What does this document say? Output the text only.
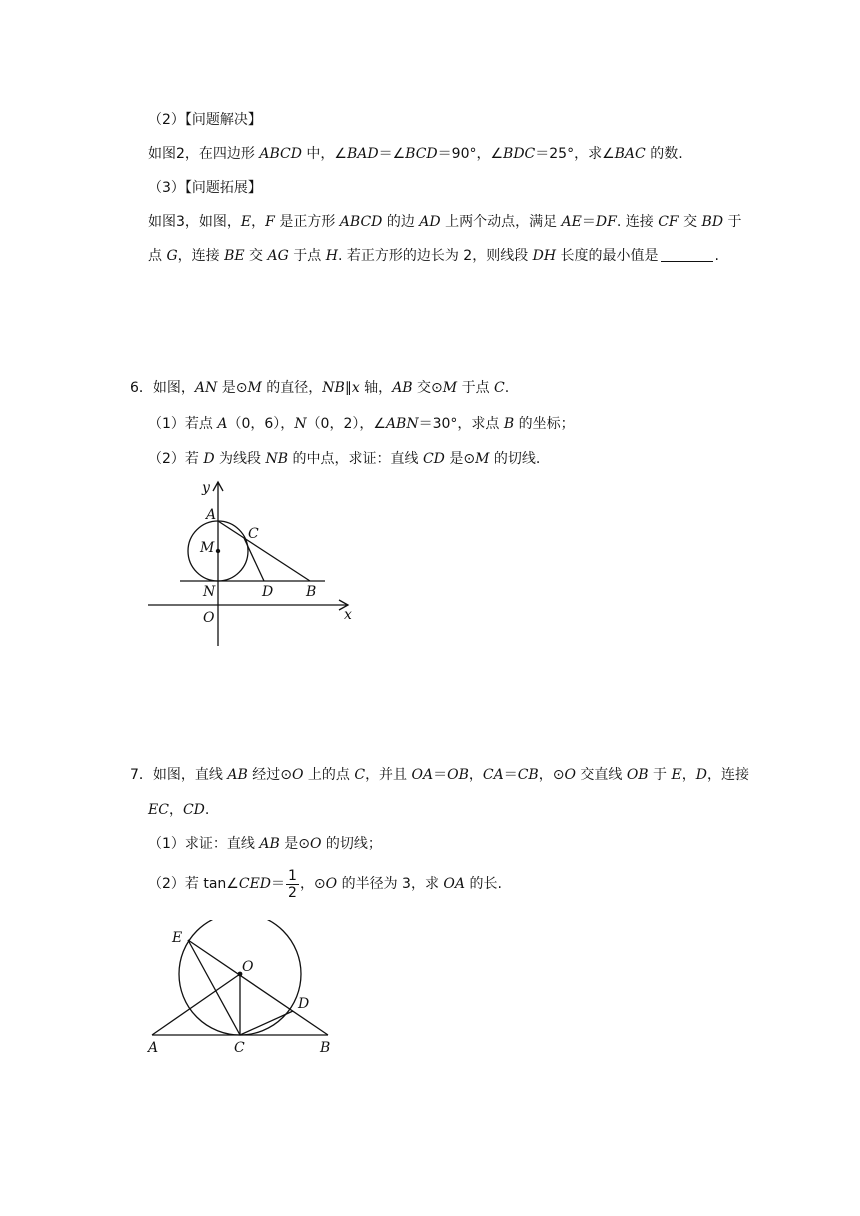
（2）【问题解决】
如图2，在四边形 ABCD 中，∠BAD＝∠BCD＝90°，∠BDC＝25°，求∠BAC 的数.
（3）【问题拓展】
如图3，如图，E，F 是正方形 ABCD 的边 AD 上两个动点，满足 AE＝DF. 连接 CF 交 BD 于
点 G，连接 BE 交 AG 于点 H. 若正方形的边长为 2，则线段 DH 长度的最小值是	.
6．如图，AN 是⊙M 的直径，NB∥x 轴，AB 交⊙M 于点 C.
（1）若点 A（0，6），N（0，2），∠ABN＝30°，求点 B 的坐标；
（2）若 D 为线段 NB 的中点，求证：直线 CD 是⊙M 的切线.
y
A
C
M
N	D B
O	x
7．如图，直线 AB 经过⊙O 上的点 C，并且 OA＝OB，CA＝CB，⊙O 交直线 OB 于 E，D，连接
EC，CD.
（1）求证：直线 AB 是⊙O 的切线；
（2）若 tan∠CED＝ $\frac{1}{2}$ ，⊙O 的半径为 3，求 OA 的长.
E
O
D
A	C	B
